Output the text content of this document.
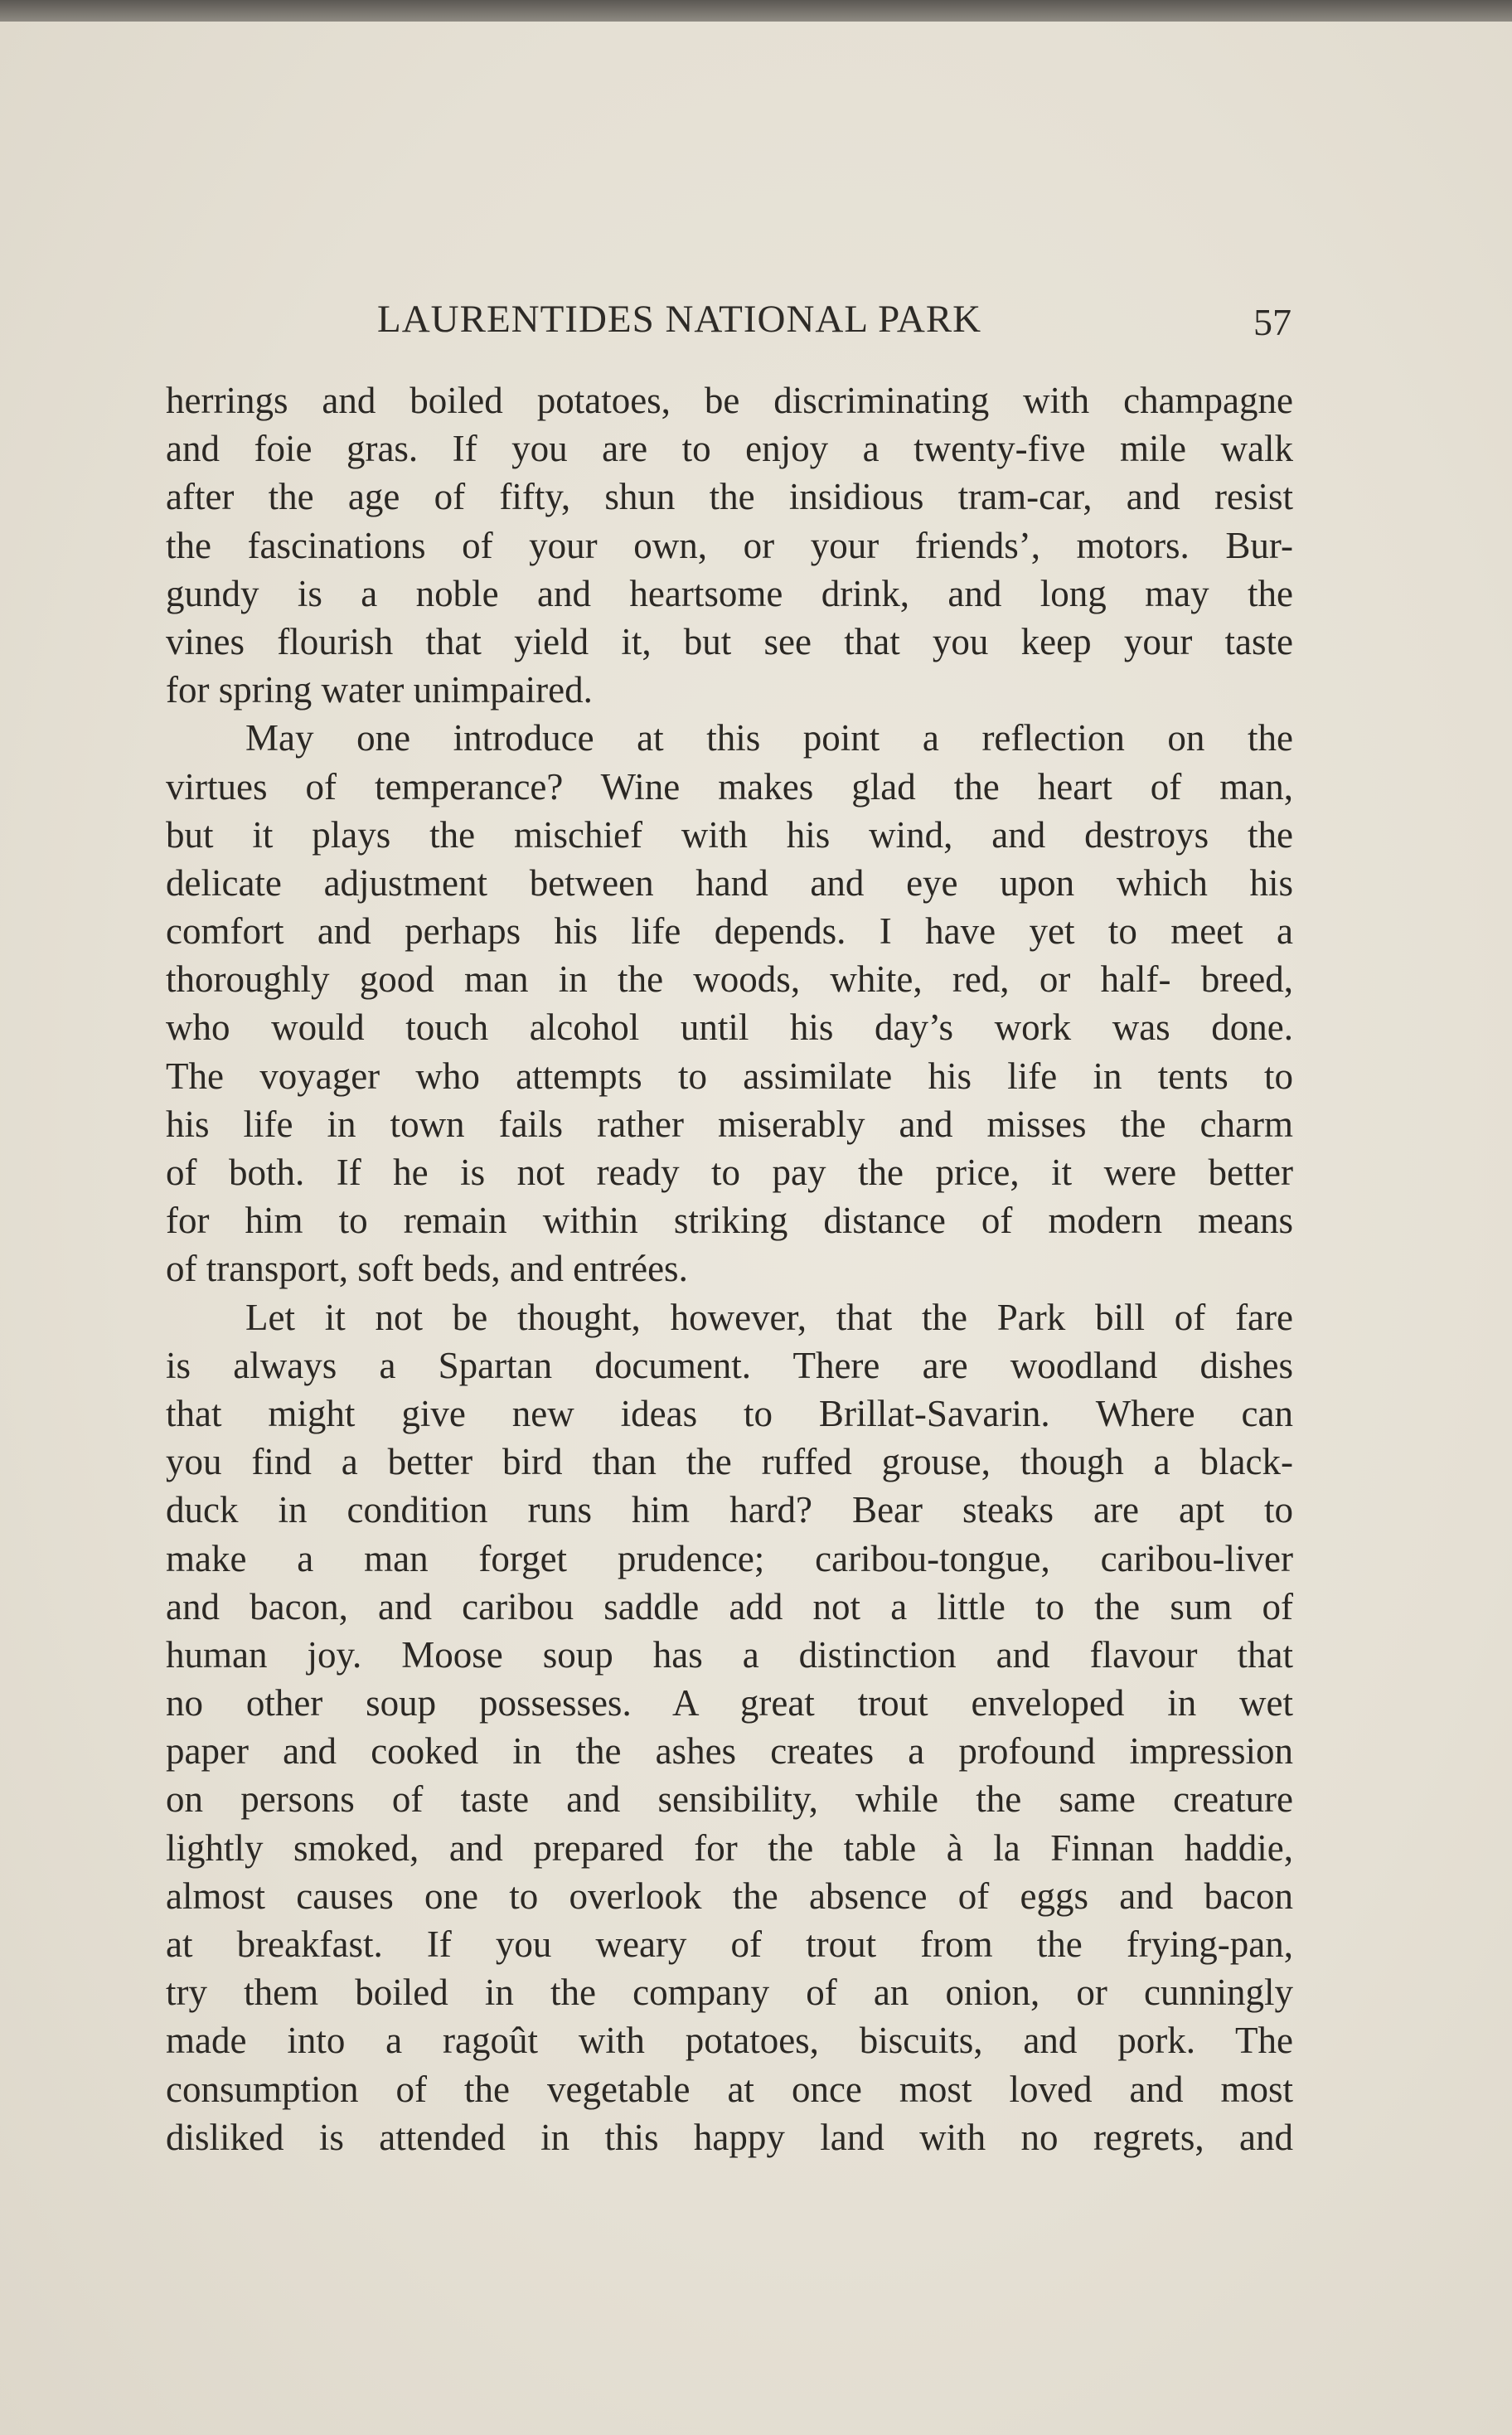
LAURENTIDES NATIONAL PARK	57
herrings and boiled potatoes, be discriminating with champagne
and foie gras. If you are to enjoy a twenty-five mile walk
after the age of fifty, shun the insidious tram-car, and resist
the fascinations of your own, or your friends’, motors. Bur-
gundy is a noble and heartsome drink, and long may the
vines flourish that yield it, but see that you keep your taste
for spring water unimpaired.
May one introduce at this point a reflection on the
virtues of temperance? Wine makes glad the heart of man,
but it plays the mischief with his wind, and destroys the
delicate adjustment between hand and eye upon which his
comfort and perhaps his life depends. I have yet to meet a
thoroughly good man in the woods, white, red, or half- breed,
who would touch alcohol until his day’s work was done.
The voyager who attempts to assimilate his life in tents to
his life in town fails rather miserably and misses the charm
of both. If he is not ready to pay the price, it were better
for him to remain within striking distance of modern means
of transport, soft beds, and entrées.
Let it not be thought, however, that the Park bill of fare
is always a Spartan document. There are woodland dishes
that might give new ideas to Brillat-Savarin. Where can
you find a better bird than the ruffed grouse, though a black-
duck in condition runs him hard? Bear steaks are apt to
make a man forget prudence; caribou-tongue, caribou-liver
and bacon, and caribou saddle add not a little to the sum of
human joy. Moose soup has a distinction and flavour that
no other soup possesses. A great trout enveloped in wet
paper and cooked in the ashes creates a profound impression
on persons of taste and sensibility, while the same creature
lightly smoked, and prepared for the table à la Finnan haddie,
almost causes one to overlook the absence of eggs and bacon
at breakfast. If you weary of trout from the frying-pan,
try them boiled in the company of an onion, or cunningly
made into a ragoût with potatoes, biscuits, and pork. The
consumption of the vegetable at once most loved and most
disliked is attended in this happy land with no regrets, and
